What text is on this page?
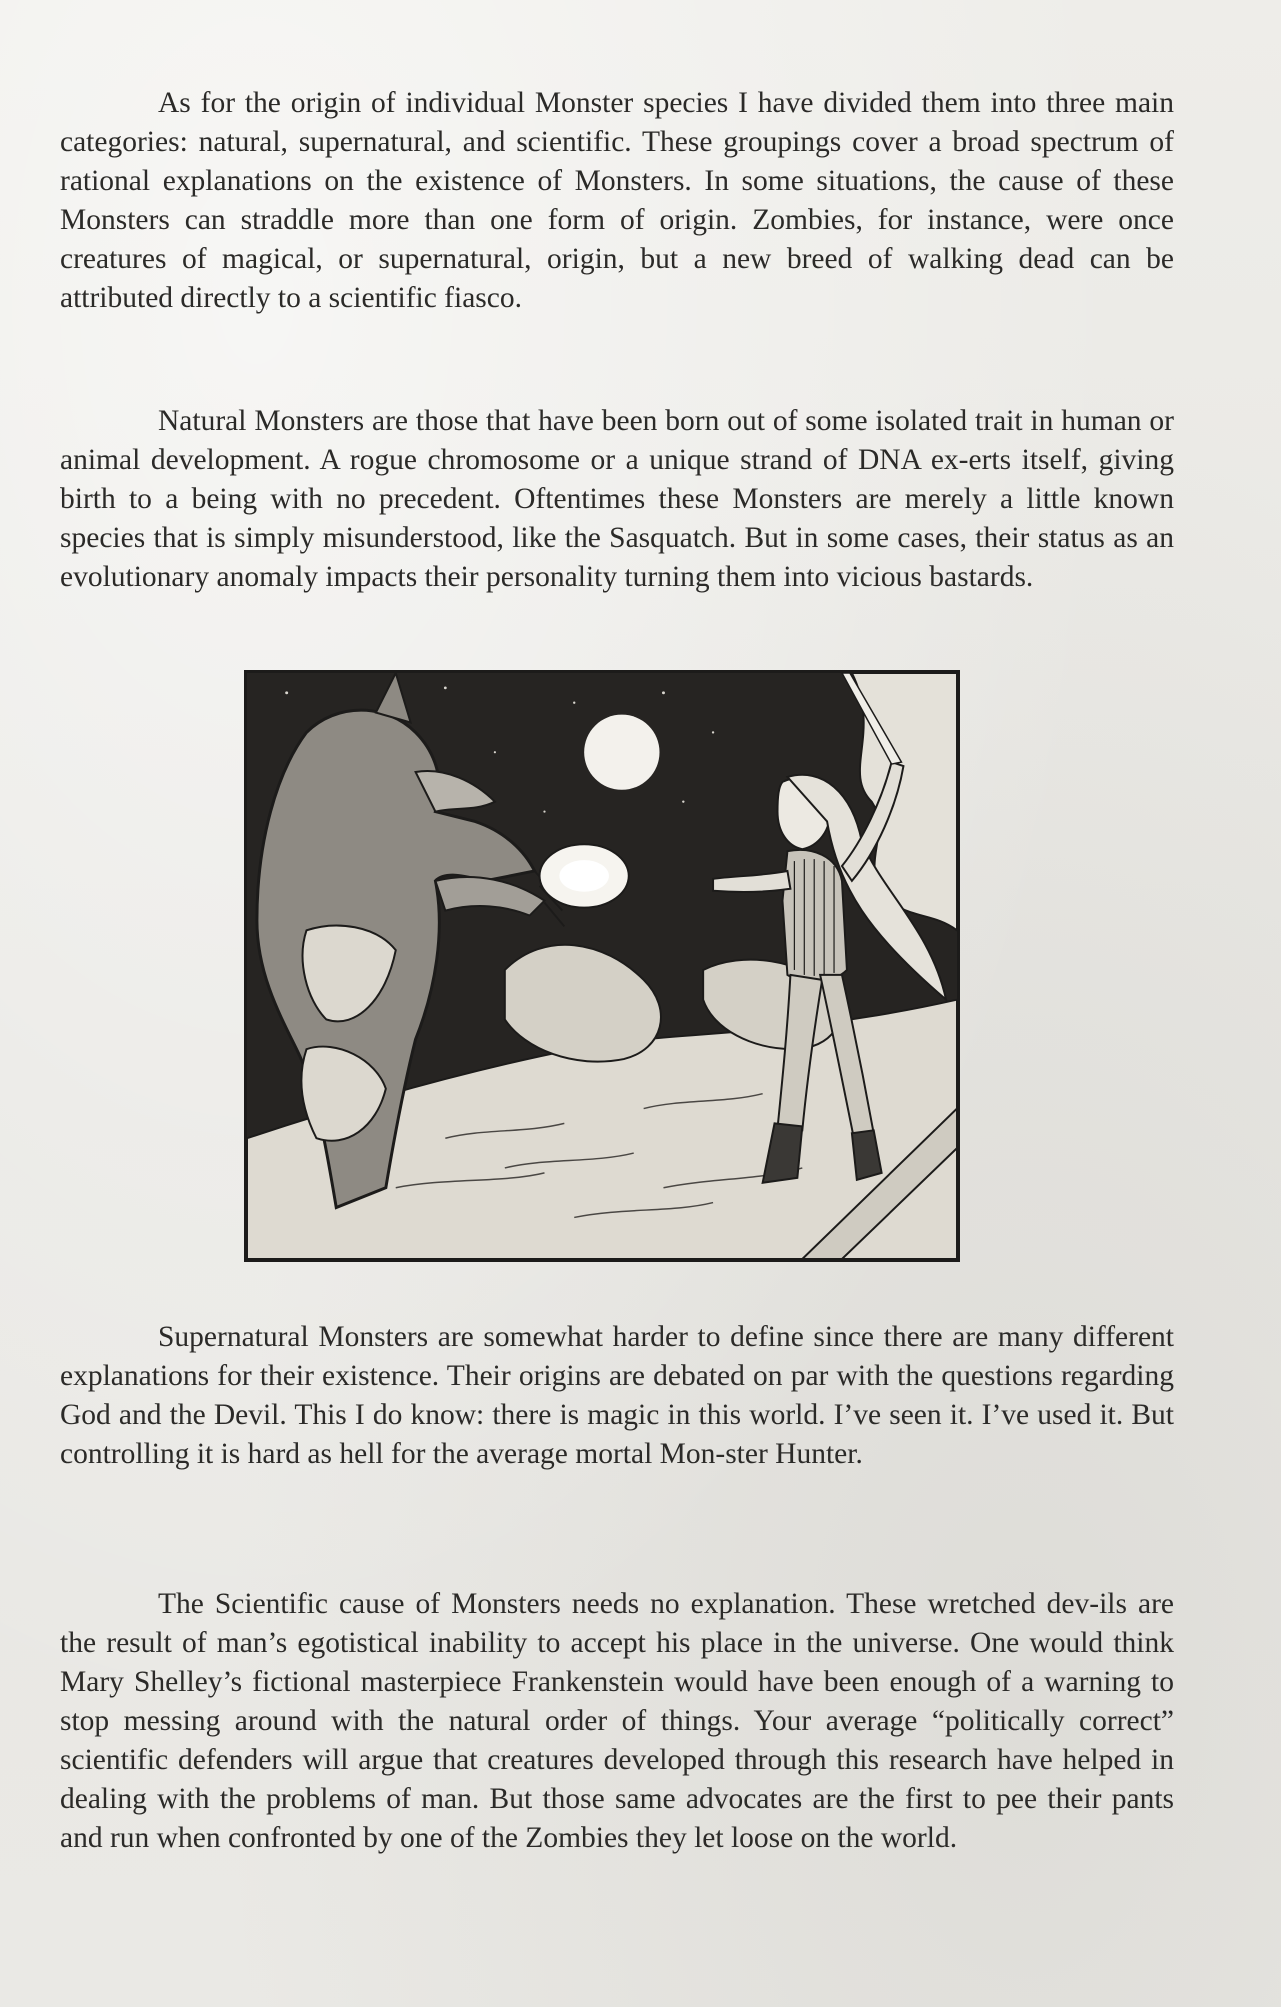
As for the origin of individual Monster species I have divided them into three main categories: natural, supernatural, and scientific. These groupings cover a broad spectrum of rational explanations on the existence of Monsters. In some situations, the cause of these Monsters can straddle more than one form of origin. Zombies, for instance, were once creatures of magical, or supernatural, origin, but a new breed of walking dead can be attributed directly to a scientific fiasco.

Natural Monsters are those that have been born out of some isolated trait in human or animal development. A rogue chromosome or a unique strand of DNA ex-erts itself, giving birth to a being with no precedent. Oftentimes these Monsters are merely a little known species that is simply misunderstood, like the Sasquatch. But in some cases, their status as an evolutionary anomaly impacts their personality turning them into vicious bastards.

Supernatural Monsters are somewhat harder to define since there are many different explanations for their existence. Their origins are debated on par with the questions regarding God and the Devil. This I do know: there is magic in this world. I’ve seen it. I’ve used it. But controlling it is hard as hell for the average mortal Mon-ster Hunter.

The Scientific cause of Monsters needs no explanation. These wretched dev-ils are the result of man’s egotistical inability to accept his place in the universe. One would think Mary Shelley’s fictional masterpiece Frankenstein would have been enough of a warning to stop messing around with the natural order of things. Your average “politically correct” scientific defenders will argue that creatures developed through this research have helped in dealing with the problems of man. But those same advocates are the first to pee their pants and run when confronted by one of the Zombies they let loose on the world.
